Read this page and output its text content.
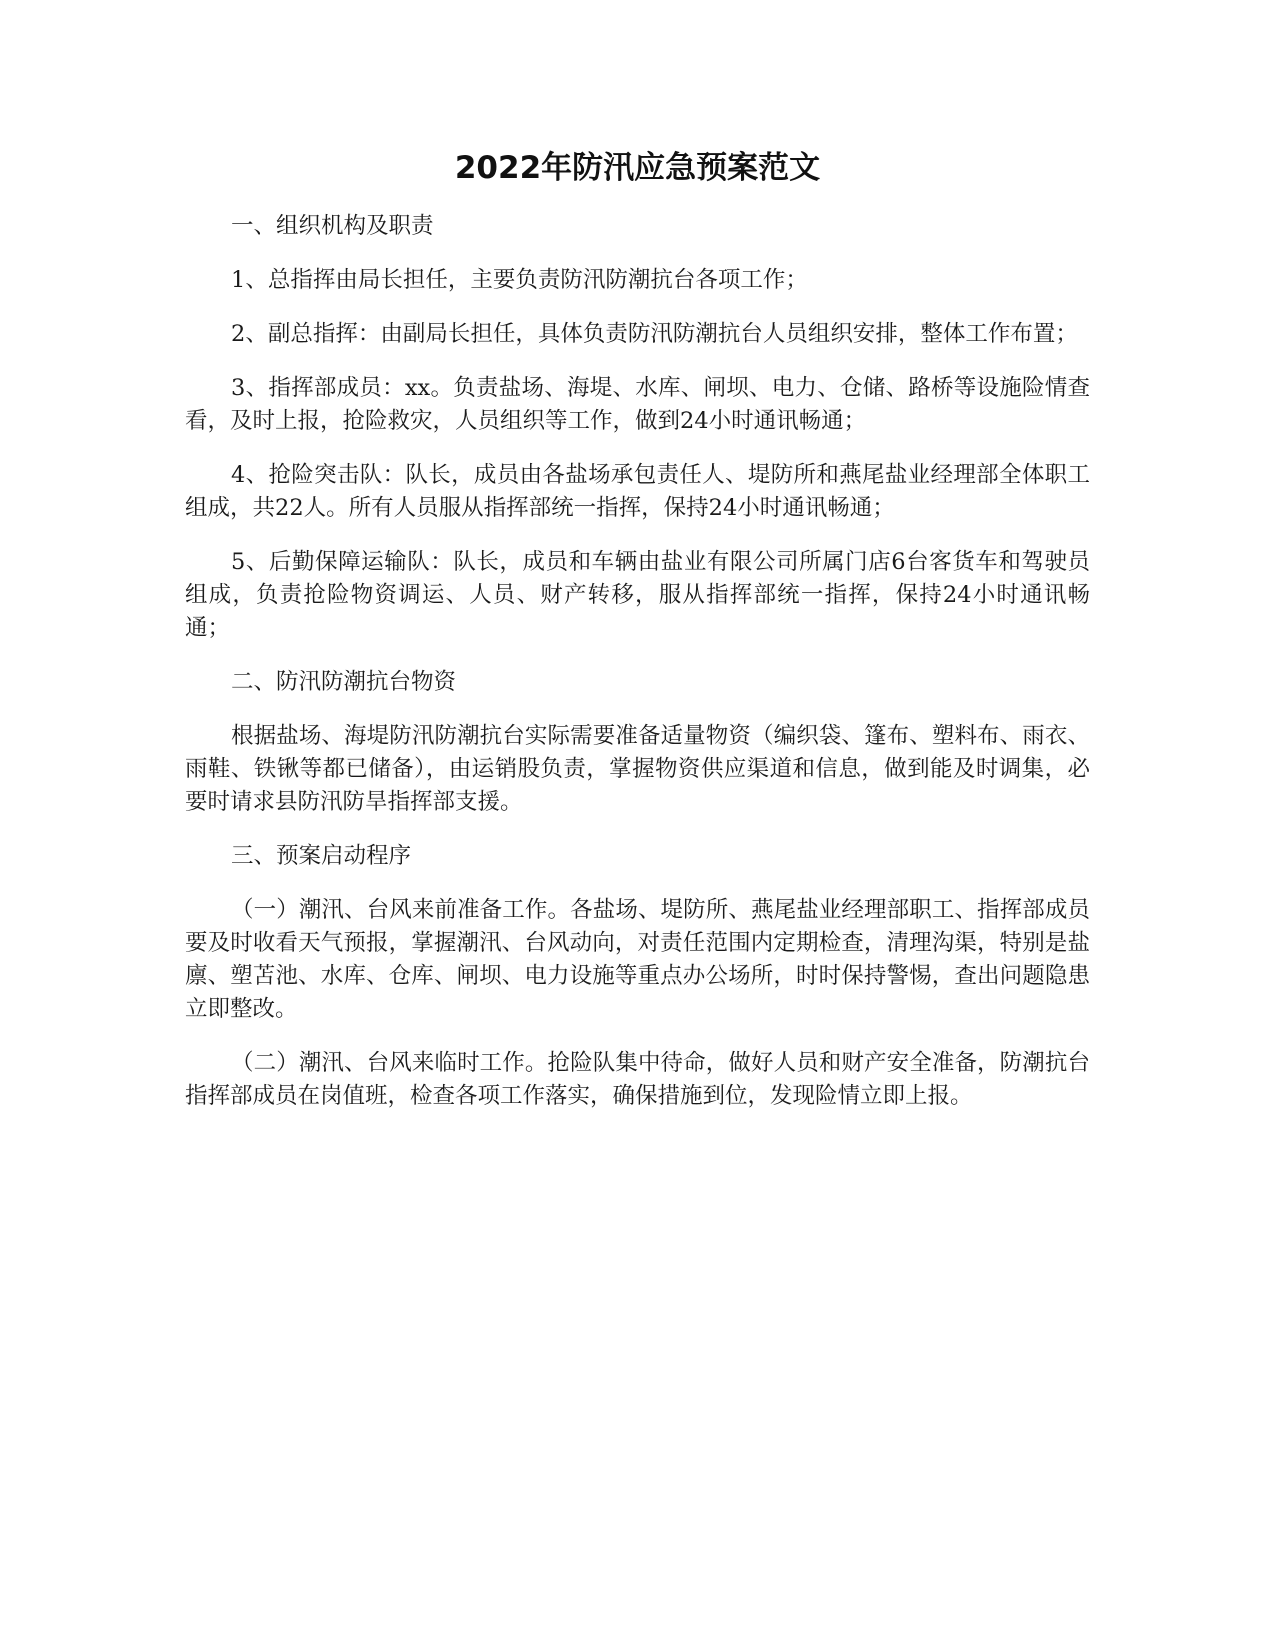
2022年防汛应急预案范文

一、组织机构及职责

1、总指挥由局长担任，主要负责防汛防潮抗台各项工作；

2、副总指挥：由副局长担任，具体负责防汛防潮抗台人员组织安排，整体工作布置；

3、指挥部成员：xx。负责盐场、海堤、水库、闸坝、电力、仓储、路桥等设施险情查看，及时上报，抢险救灾，人员组织等工作，做到24小时通讯畅通；

4、抢险突击队：队长，成员由各盐场承包责任人、堤防所和燕尾盐业经理部全体职工组成，共22人。所有人员服从指挥部统一指挥，保持24小时通讯畅通；

5、后勤保障运输队：队长，成员和车辆由盐业有限公司所属门店6台客货车和驾驶员组成，负责抢险物资调运、人员、财产转移，服从指挥部统一指挥，保持24小时通讯畅通；

二、防汛防潮抗台物资

根据盐场、海堤防汛防潮抗台实际需要准备适量物资（编织袋、篷布、塑料布、雨衣、雨鞋、铁锹等都已储备），由运销股负责，掌握物资供应渠道和信息，做到能及时调集，必要时请求县防汛防旱指挥部支援。

三、预案启动程序

（一）潮汛、台风来前准备工作。各盐场、堤防所、燕尾盐业经理部职工、指挥部成员要及时收看天气预报，掌握潮汛、台风动向，对责任范围内定期检查，清理沟渠，特别是盐廪、塑苫池、水库、仓库、闸坝、电力设施等重点办公场所，时时保持警惕，查出问题隐患立即整改。

（二）潮汛、台风来临时工作。抢险队集中待命，做好人员和财产安全准备，防潮抗台指挥部成员在岗值班，检查各项工作落实，确保措施到位，发现险情立即上报。
